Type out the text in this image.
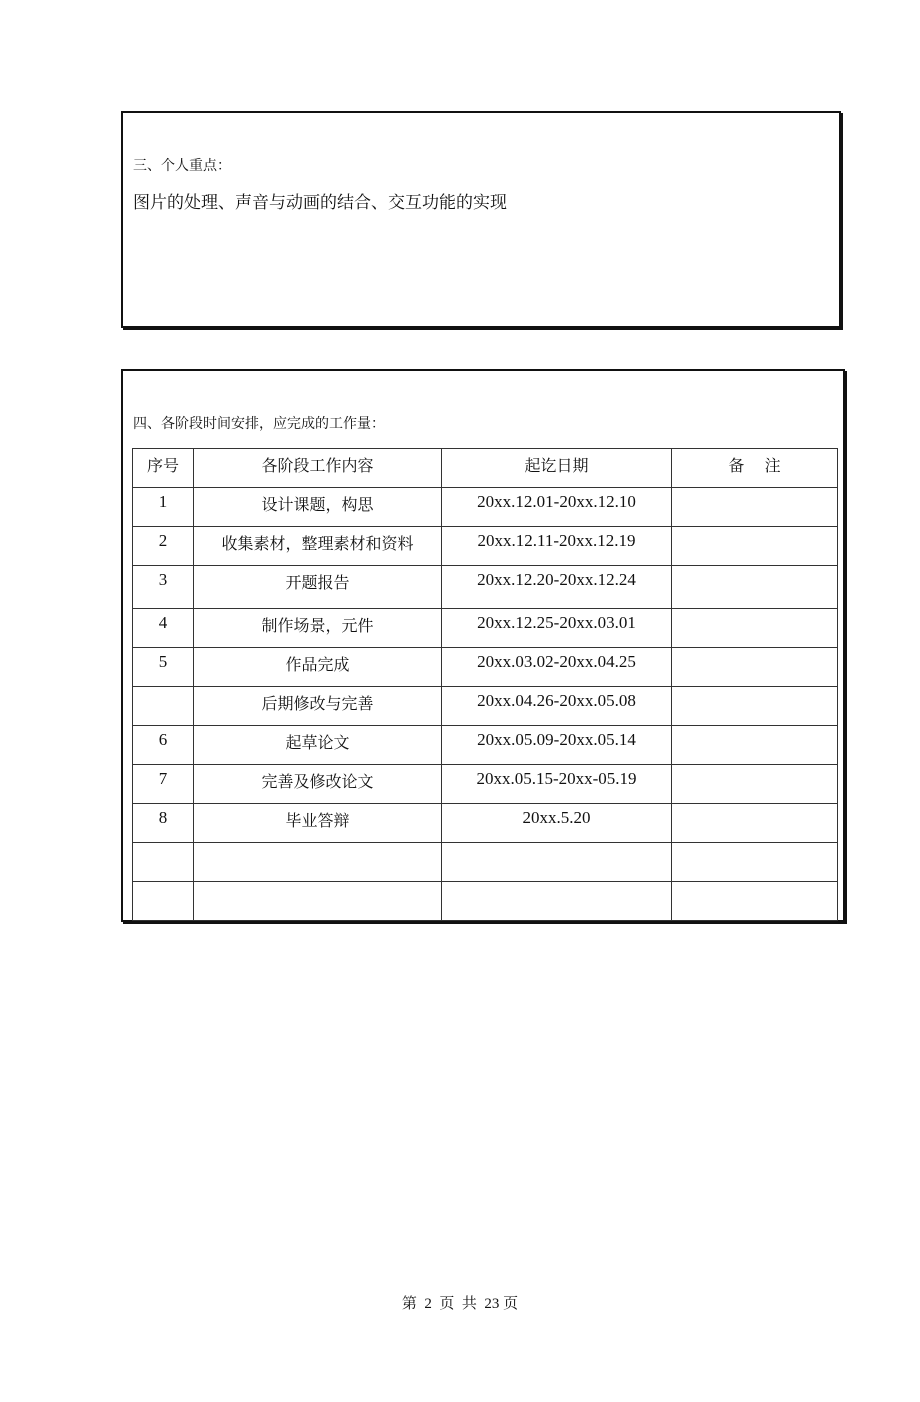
三、个人重点：
图片的处理、声音与动画的结合、交互功能的实现
四、各阶段时间安排，应完成的工作量：
序号	各阶段工作内容	起讫日期	备    注
1	设计课题，构思	20xx.12.01-20xx.12.10	
2	收集素材，整理素材和资料	20xx.12.11-20xx.12.19	
3	开题报告	20xx.12.20-20xx.12.24	
4	制作场景，元件	20xx.12.25-20xx.03.01	
5	作品完成	20xx.03.02-20xx.04.25	
	后期修改与完善	20xx.04.26-20xx.05.08	
6	起草论文	20xx.05.09-20xx.05.14	
7	完善及修改论文	20xx.05.15-20xx-05.19	
8	毕业答辩	20xx.5.20	

第  2  页  共  23 页
